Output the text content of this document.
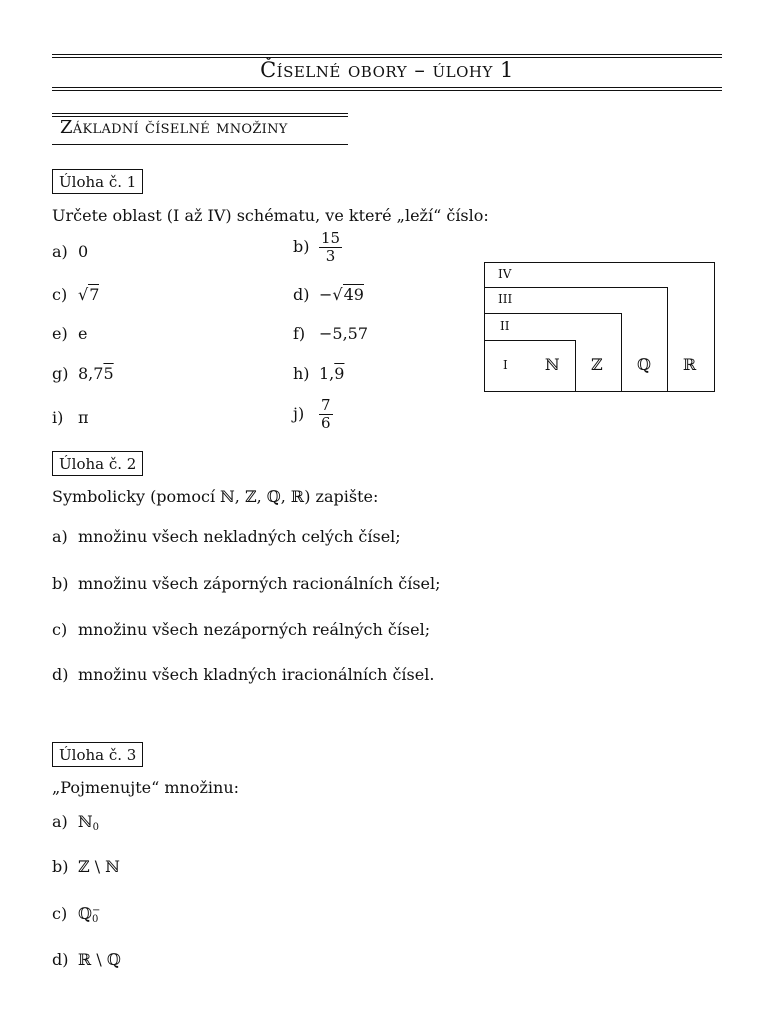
Číselné obory – úlohy 1
Základní číselné množiny
Úloha č. 1
Určete oblast (I až IV) schématu, ve které „leží“ číslo:
a) 0	$b) \frac{15}{3}$
c) √7	d) −√49
e) e	f) −5,57
g) 8,75	h) 1,9
i) π	$j) \frac{7}{6}$
IV
III
II
I ℕ ℤ ℚ ℝ
Úloha č. 2
Symbolicky (pomocí ℕ, ℤ, ℚ, ℝ) zapište:
a) množinu všech nekladných celých čísel;
b) množinu všech záporných racionálních čísel;
c) množinu všech nezáporných reálných čísel;
d) množinu všech kladných iracionálních čísel.
Úloha č. 3
„Pojmenujte“ množinu:
a) ℕ$_0$
b) ℤ \ ℕ
c) ℚ −
0
d) ℝ \ ℚ
